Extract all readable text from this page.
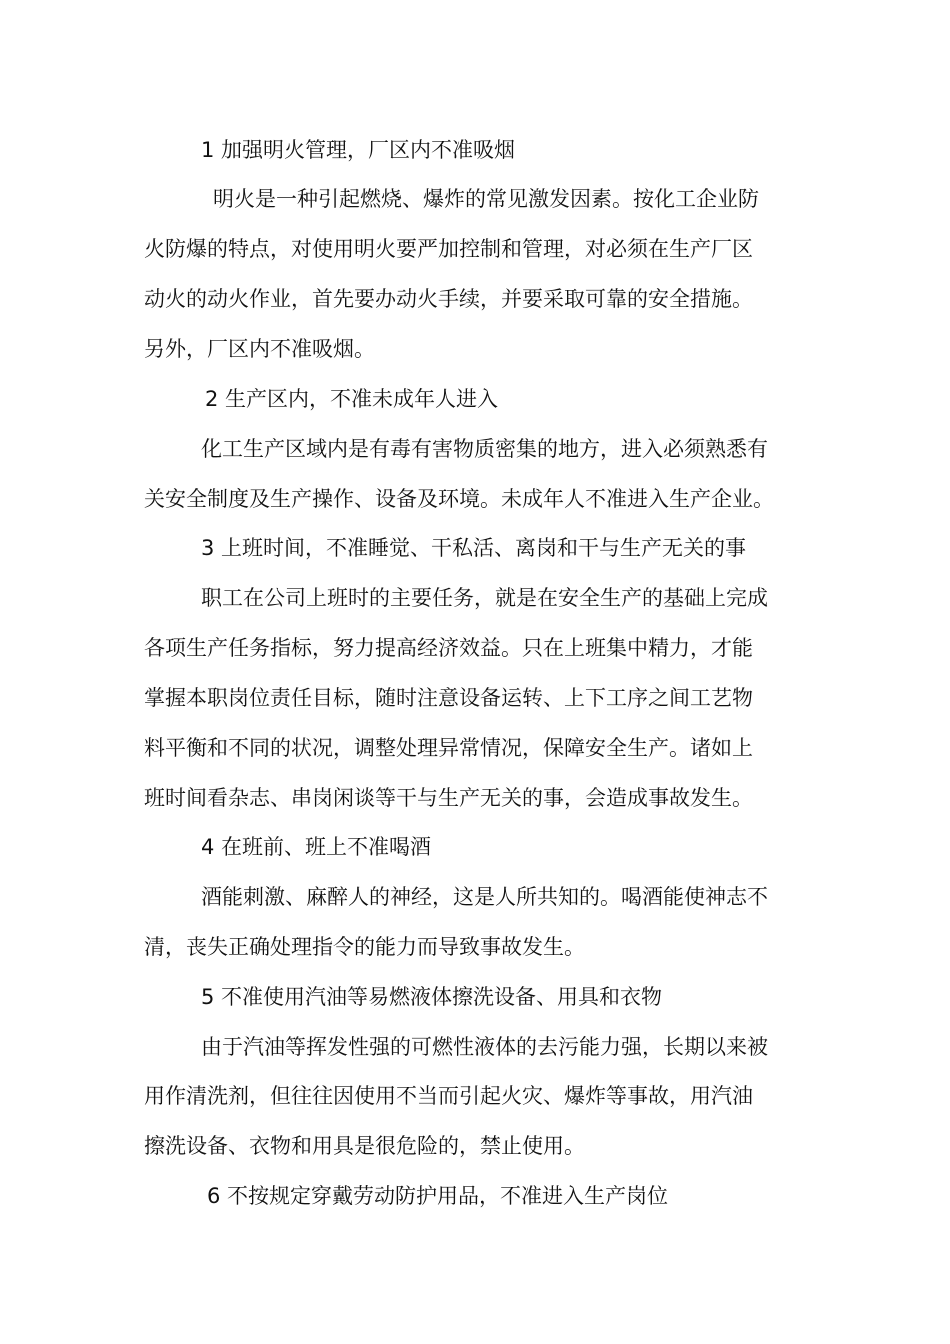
1 加强明火管理，厂区内不准吸烟
明火是一种引起燃烧、爆炸的常见激发因素。按化工企业防
火防爆的特点，对使用明火要严加控制和管理，对必须在生产厂区
动火的动火作业，首先要办动火手续，并要采取可靠的安全措施。
另外，厂区内不准吸烟。
2 生产区内，不准未成年人进入
化工生产区域内是有毒有害物质密集的地方，进入必须熟悉有
关安全制度及生产操作、设备及环境。未成年人不准进入生产企业。
3 上班时间，不准睡觉、干私活、离岗和干与生产无关的事
职工在公司上班时的主要任务，就是在安全生产的基础上完成
各项生产任务指标，努力提高经济效益。只在上班集中精力，才能
掌握本职岗位责任目标，随时注意设备运转、上下工序之间工艺物
料平衡和不同的状况，调整处理异常情况，保障安全生产。诸如上
班时间看杂志、串岗闲谈等干与生产无关的事，会造成事故发生。
4 在班前、班上不准喝酒
酒能刺激、麻醉人的神经，这是人所共知的。喝酒能使神志不
清，丧失正确处理指令的能力而导致事故发生。
5 不准使用汽油等易燃液体擦洗设备、用具和衣物
由于汽油等挥发性强的可燃性液体的去污能力强，长期以来被
用作清洗剂，但往往因使用不当而引起火灾、爆炸等事故，用汽油
擦洗设备、衣物和用具是很危险的，禁止使用。
6 不按规定穿戴劳动防护用品，不准进入生产岗位
